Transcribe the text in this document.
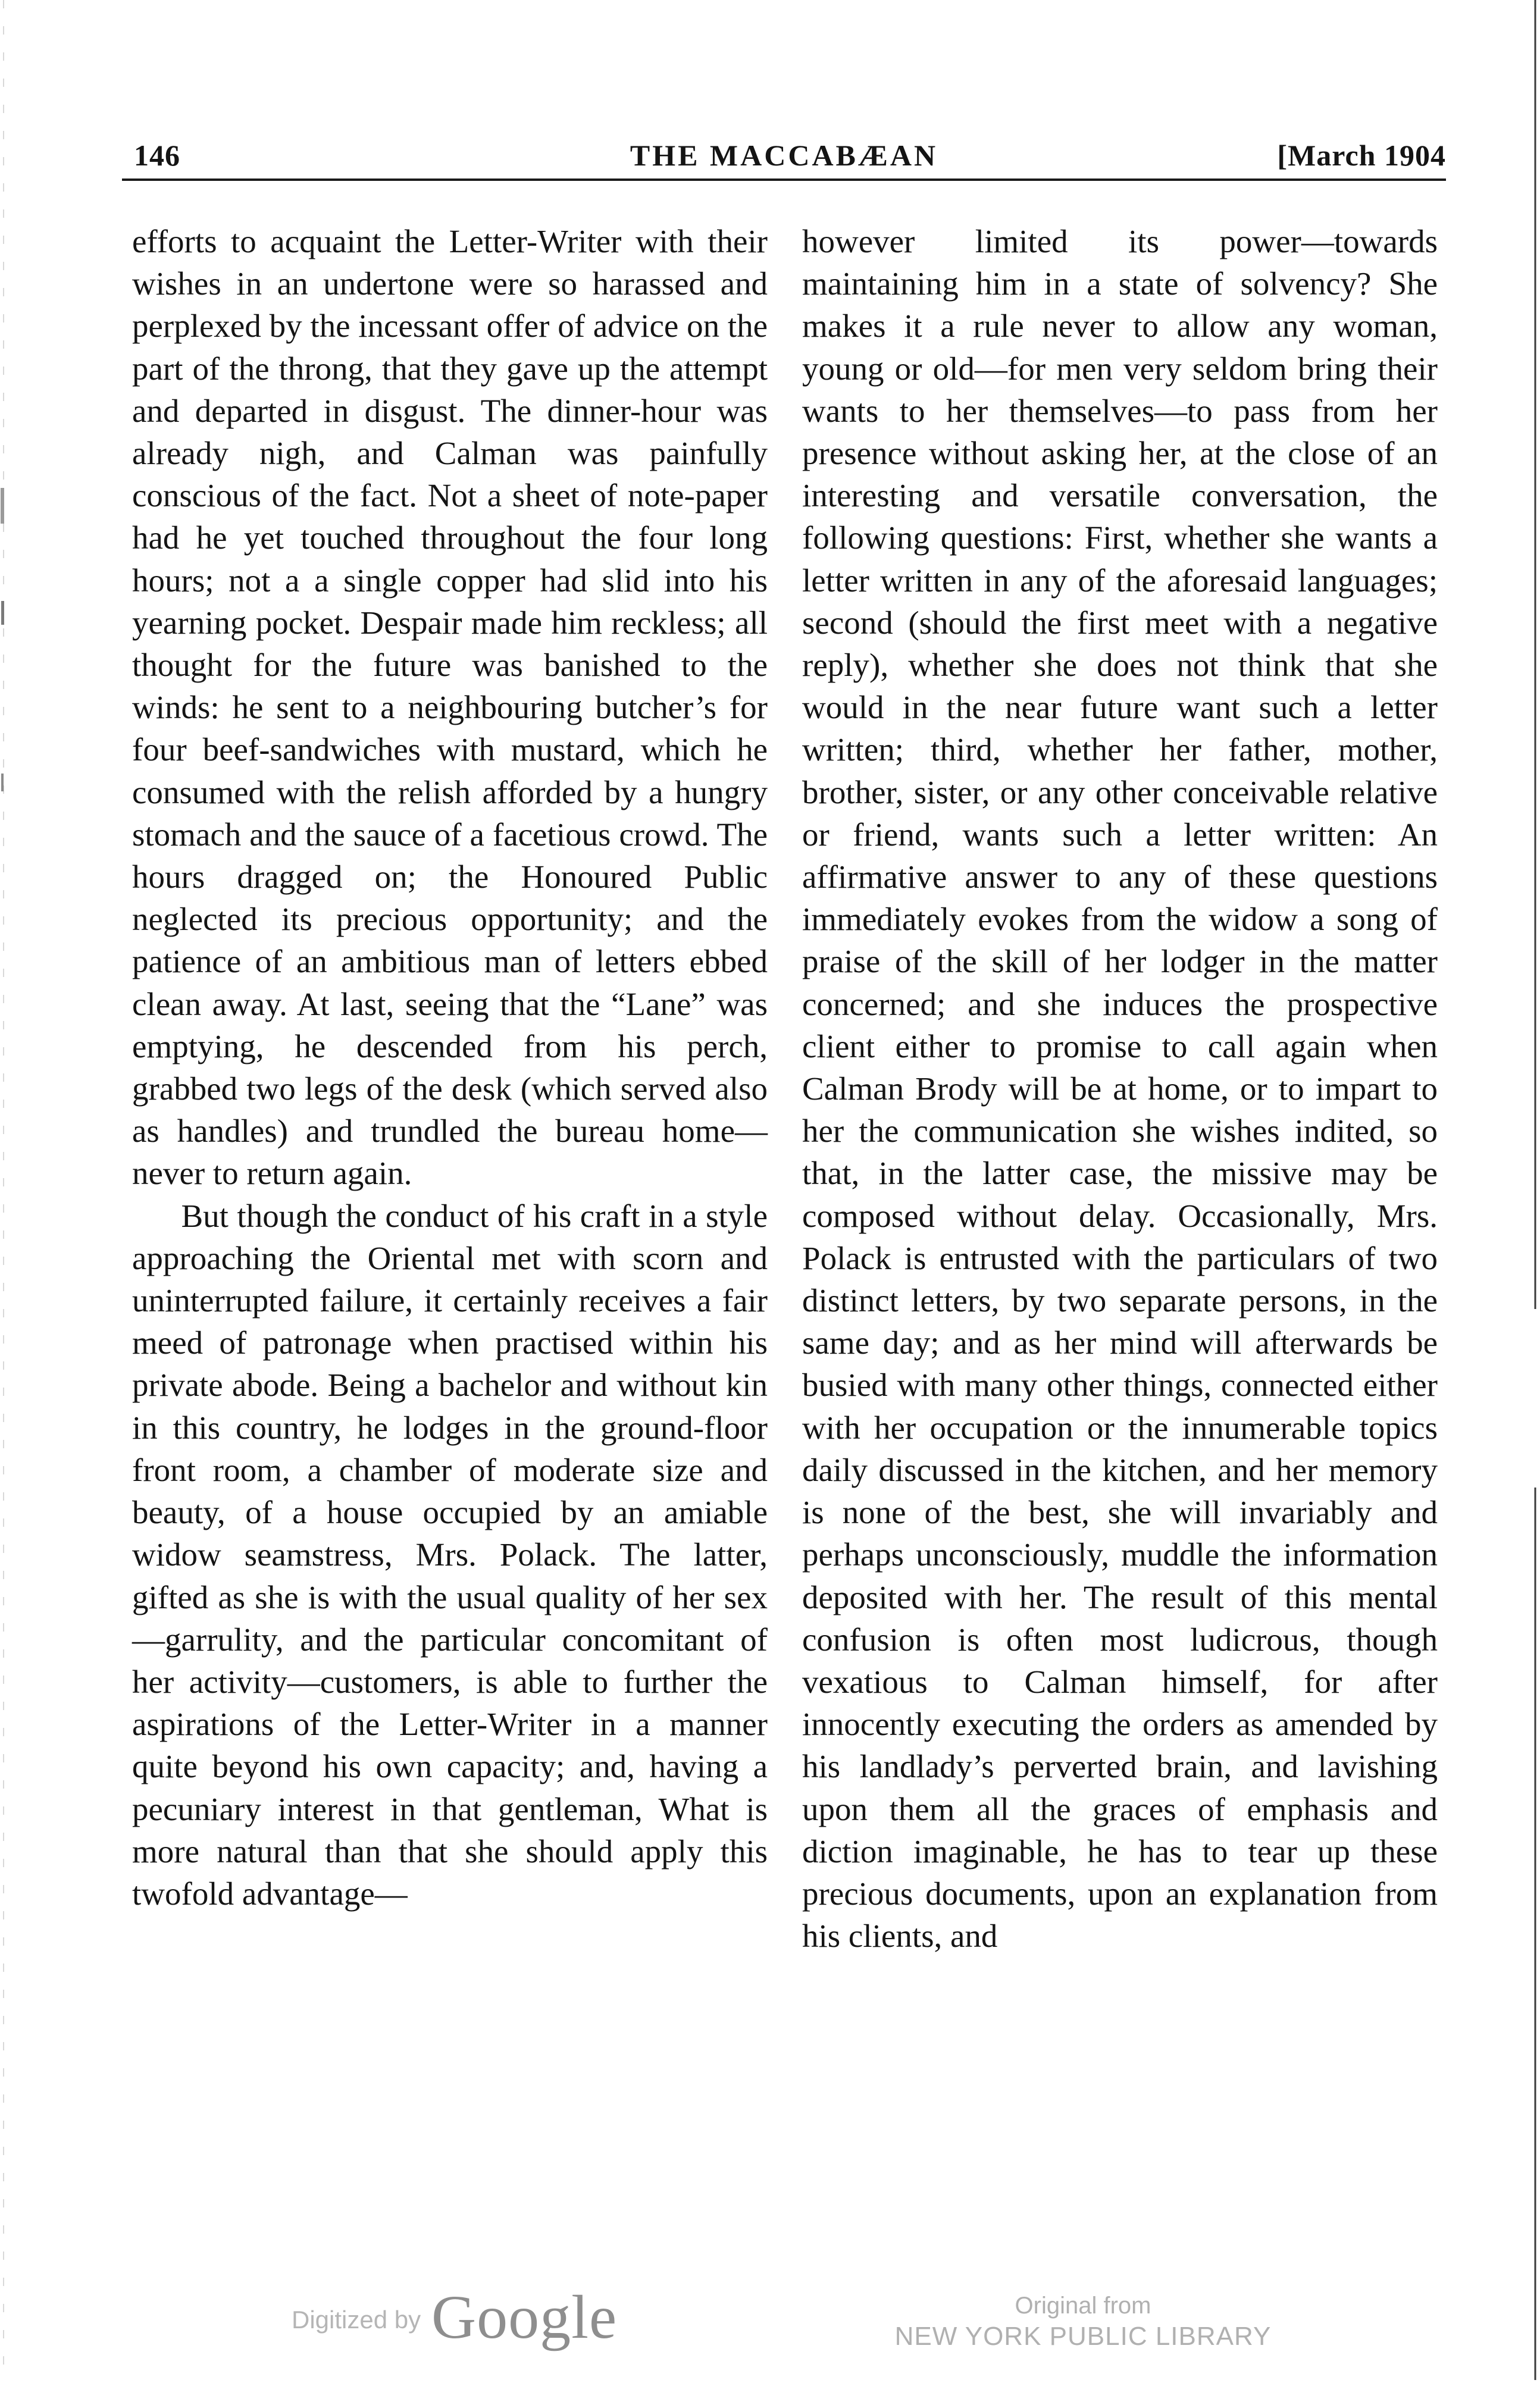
146	THE MACCABÆAN	[March 1904

efforts to acquaint the Letter-Writer with their wishes in an undertone were so harassed and perplexed by the incessant offer of advice on the part of the throng, that they gave up the attempt and departed in disgust. The dinner-hour was already nigh, and Calman was painfully conscious of the fact. Not a sheet of note-paper had he yet touched throughout the four long hours; not a a single copper had slid into his yearning pocket. Despair made him reckless; all thought for the future was banished to the winds: he sent to a neighbouring butcher’s for four beef-sandwiches with mustard, which he consumed with the relish afforded by a hungry stomach and the sauce of a facetious crowd. The hours dragged on; the Honoured Public neglected its precious opportunity; and the patience of an ambitious man of letters ebbed clean away. At last, seeing that the “Lane” was emptying, he descended from his perch, grabbed two legs of the desk (which served also as handles) and trundled the bureau home—never to return again.

But though the conduct of his craft in a style approaching the Oriental met with scorn and uninterrupted failure, it certainly receives a fair meed of patronage when practised within his private abode. Being a bachelor and without kin in this country, he lodges in the ground-floor front room, a chamber of moderate size and beauty, of a house occupied by an amiable widow seamstress, Mrs. Polack. The latter, gifted as she is with the usual quality of her sex—garrulity, and the particular concomitant of her activity—customers, is able to further the aspirations of the Letter-Writer in a manner quite beyond his own capacity; and, having a pecuniary interest in that gentleman, What is more natural than that she should apply this twofold advantage—

however limited its power—towards maintaining him in a state of solvency? She makes it a rule never to allow any woman, young or old—for men very seldom bring their wants to her themselves—to pass from her presence without asking her, at the close of an interesting and versatile conversation, the following questions: First, whether she wants a letter written in any of the aforesaid languages; second (should the first meet with a negative reply), whether she does not think that she would in the near future want such a letter written; third, whether her father, mother, brother, sister, or any other conceivable relative or friend, wants such a letter written: An affirmative answer to any of these questions immediately evokes from the widow a song of praise of the skill of her lodger in the matter concerned; and she induces the prospective client either to promise to call again when Calman Brody will be at home, or to impart to her the communication she wishes indited, so that, in the latter case, the missive may be composed without delay. Occasionally, Mrs. Polack is entrusted with the particulars of two distinct letters, by two separate persons, in the same day; and as her mind will afterwards be busied with many other things, connected either with her occupation or the innumerable topics daily discussed in the kitchen, and her memory is none of the best, she will invariably and perhaps unconsciously, muddle the information deposited with her. The result of this mental confusion is often most ludicrous, though vexatious to Calman himself, for after innocently executing the orders as amended by his landlady’s perverted brain, and lavishing upon them all the graces of emphasis and diction imaginable, he has to tear up these precious documents, upon an explanation from his clients, and

Digitized by Google	Original from
NEW YORK PUBLIC LIBRARY
